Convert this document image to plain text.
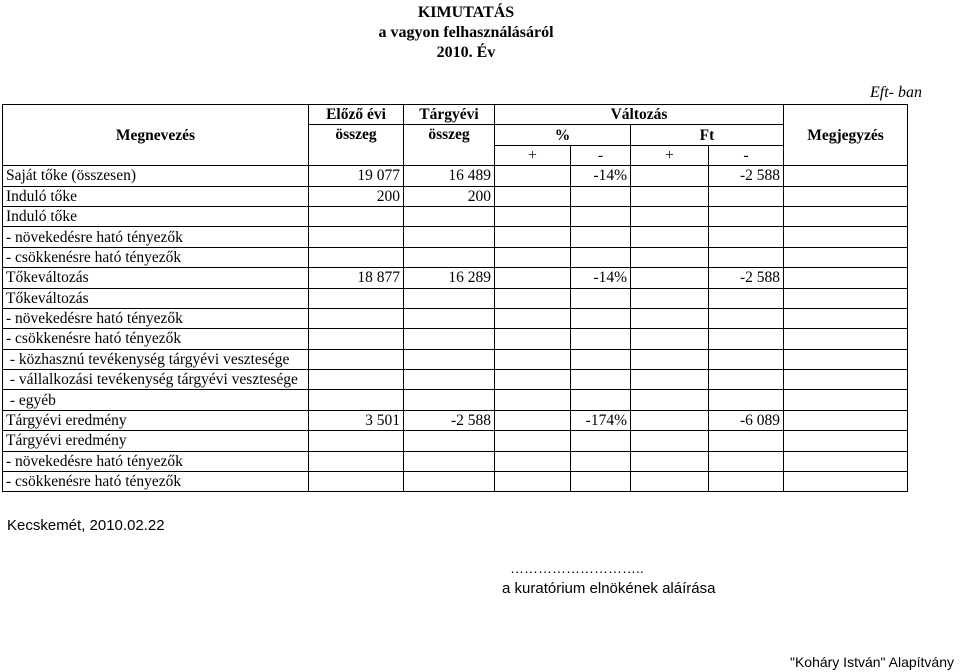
KIMUTATÁS
a vagyon felhasználásáról
2010. Év
Eft- ban
Megnevezés	Előző évi	Tárgyévi	Változás				Megjegyzés
	összeg	összeg	%		Ft		
			+	-	+	-	
Saját tőke (összesen)	19 077	16 489		-14%		-2 588	
Induló tőke	200	200					
Induló tőke							
- növekedésre ható tényezők							
- csökkenésre ható tényezők							
Tőkeváltozás	18 877	16 289		-14%		-2 588	
Tőkeváltozás							
- növekedésre ható tényezők							
- csökkenésre ható tényezők							
- közhasznú tevékenység tárgyévi vesztesége							
- vállalkozási tevékenység tárgyévi vesztesége							
- egyéb							
Tárgyévi eredmény	3 501	-2 588		-174%		-6 089	
Tárgyévi eredmény							
- növekedésre ható tényezők							
- csökkenésre ható tényezők							
Kecskemét, 2010.02.22
………………………..
a kuratórium elnökének aláírása
"Koháry István" Alapítvány
